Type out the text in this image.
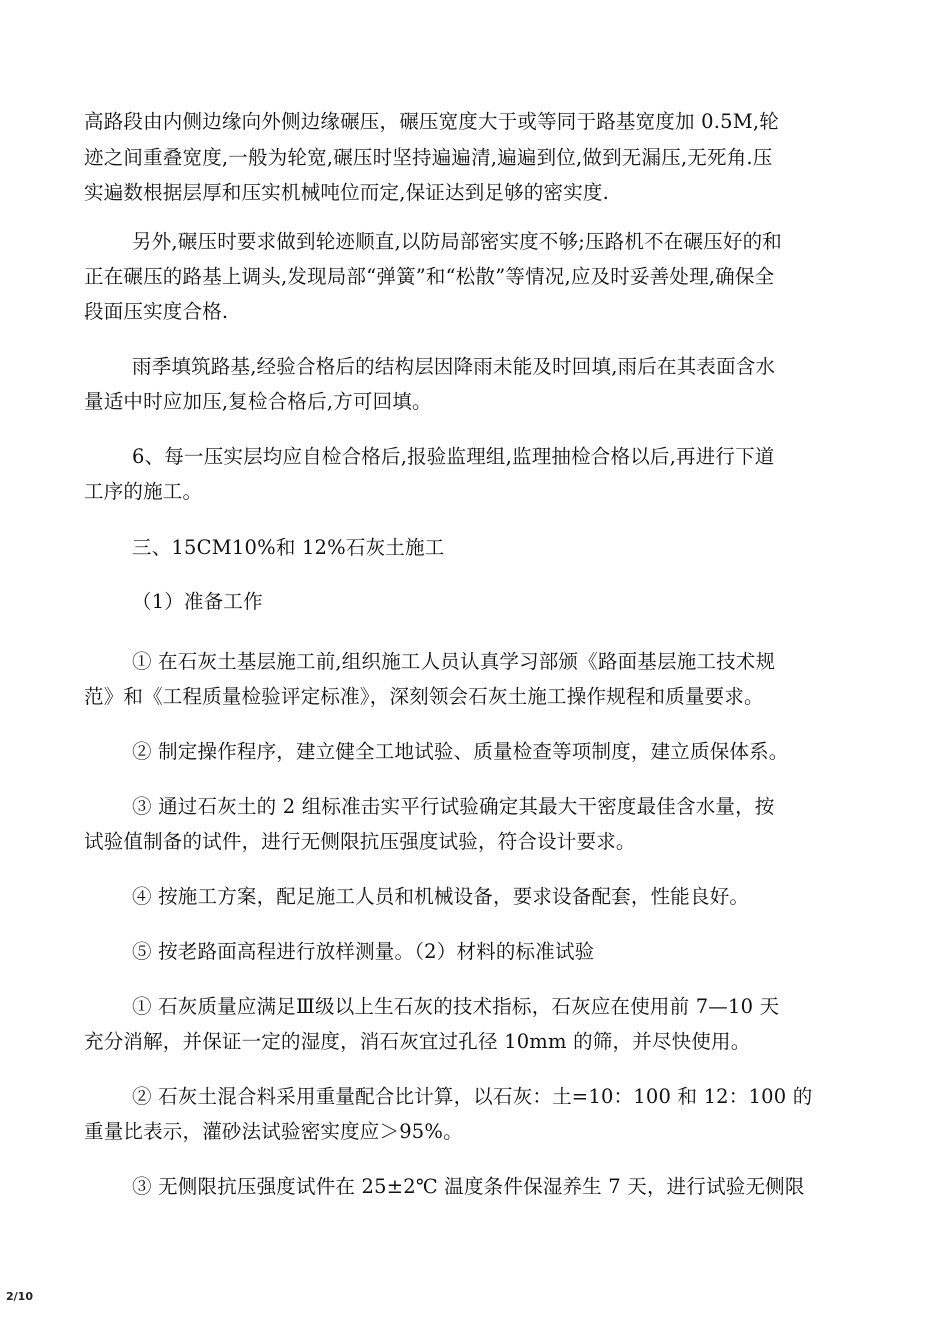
高路段由内侧边缘向外侧边缘碾压，碾压宽度大于或等同于路基宽度加 0.5M,轮
迹之间重叠宽度,一般为轮宽,碾压时坚持遍遍清,遍遍到位,做到无漏压,无死角.压
实遍数根据层厚和压实机械吨位而定,保证达到足够的密实度.
另外,碾压时要求做到轮迹顺直,以防局部密实度不够;压路机不在碾压好的和
正在碾压的路基上调头,发现局部“弹簧”和“松散”等情况,应及时妥善处理,确保全
段面压实度合格.
雨季填筑路基,经验合格后的结构层因降雨未能及时回填,雨后在其表面含水
量适中时应加压,复检合格后,方可回填。
6、每一压实层均应自检合格后,报验监理组,监理抽检合格以后,再进行下道
工序的施工。
三、15CM10%和 12%石灰土施工
（1）准备工作
① 在石灰土基层施工前,组织施工人员认真学习部颁《路面基层施工技术规
范》和《工程质量检验评定标准》，深刻领会石灰土施工操作规程和质量要求。
② 制定操作程序，建立健全工地试验、质量检查等项制度，建立质保体系。
③ 通过石灰土的 2 组标准击实平行试验确定其最大干密度最佳含水量，按
试验值制备的试件，进行无侧限抗压强度试验，符合设计要求。
④ 按施工方案，配足施工人员和机械设备，要求设备配套，性能良好。
⑤ 按老路面高程进行放样测量。（2）材料的标准试验
① 石灰质量应满足Ⅲ级以上生石灰的技术指标，石灰应在使用前 7—10 天
充分消解，并保证一定的湿度，消石灰宜过孔径 10mm 的筛，并尽快使用。
② 石灰土混合料采用重量配合比计算，以石灰：土=10：100 和 12：100 的
重量比表示，灌砂法试验密实度应＞95%。
③ 无侧限抗压强度试件在 25±2℃ 温度条件保湿养生 7 天，进行试验无侧限
2/10
